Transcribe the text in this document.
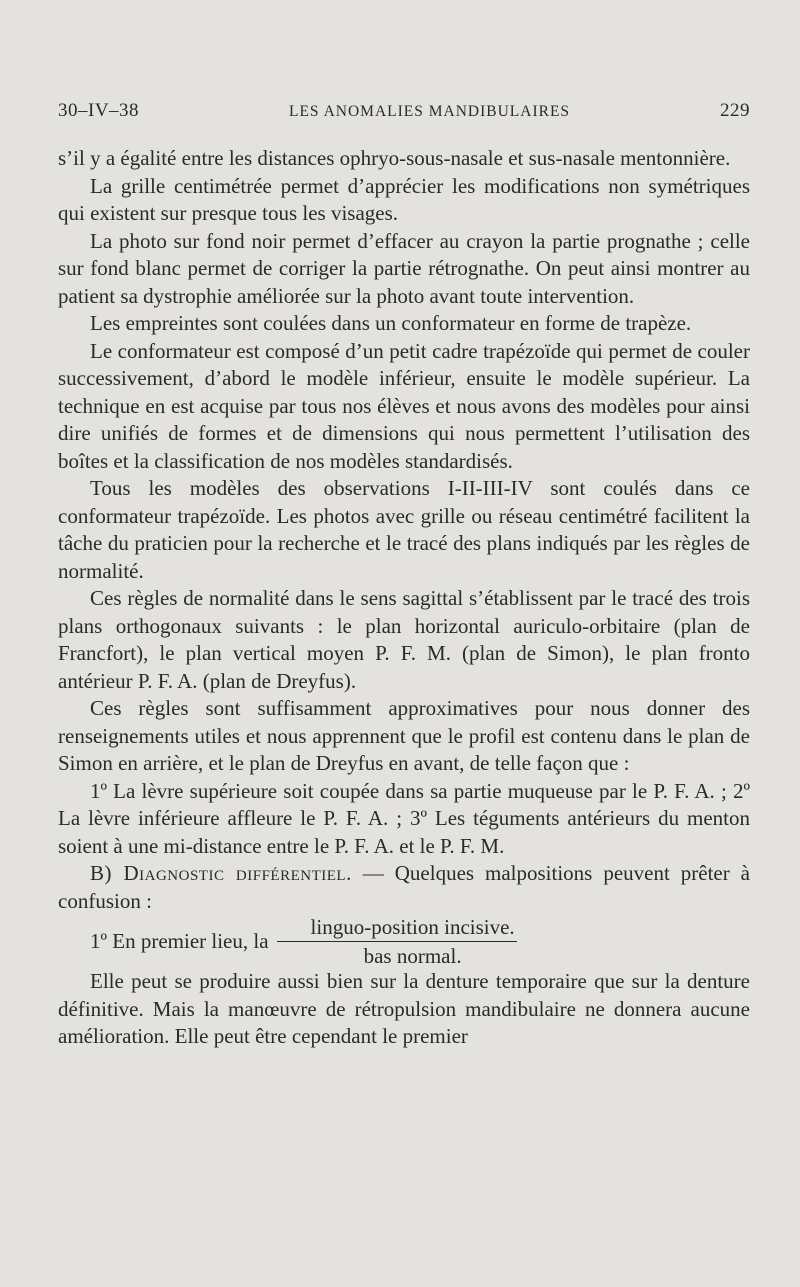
30–IV–38	LES ANOMALIES MANDIBULAIRES	229

s’il y a égalité entre les distances ophryo-sous-nasale et sus-nasale mentonnière.

La grille centimétrée permet d’apprécier les modifications non symétriques qui existent sur presque tous les visages.

La photo sur fond noir permet d’effacer au crayon la partie prognathe ; celle sur fond blanc permet de corriger la partie rétrognathe. On peut ainsi montrer au patient sa dystrophie améliorée sur la photo avant toute intervention.

Les empreintes sont coulées dans un conformateur en forme de trapèze.

Le conformateur est composé d’un petit cadre trapézoïde qui permet de couler successivement, d’abord le modèle inférieur, ensuite le modèle supérieur. La technique en est acquise par tous nos élèves et nous avons des modèles pour ainsi dire unifiés de formes et de dimensions qui nous permettent l’utilisation des boîtes et la classification de nos modèles standardisés.

Tous les modèles des observations I-II-III-IV sont coulés dans ce conformateur trapézoïde. Les photos avec grille ou réseau centimétré facilitent la tâche du praticien pour la recherche et le tracé des plans indiqués par les règles de normalité.

Ces règles de normalité dans le sens sagittal s’établissent par le tracé des trois plans orthogonaux suivants : le plan horizontal auriculo-orbitaire (plan de Francfort), le plan vertical moyen P. F. M. (plan de Simon), le plan fronto antérieur P. F. A. (plan de Dreyfus).

Ces règles sont suffisamment approximatives pour nous donner des renseignements utiles et nous apprennent que le profil est contenu dans le plan de Simon en arrière, et le plan de Dreyfus en avant, de telle façon que :

1º La lèvre supérieure soit coupée dans sa partie muqueuse par le P. F. A. ; 2º La lèvre inférieure affleure le P. F. A. ; 3º Les téguments antérieurs du menton soient à une mi-distance entre le P. F. A. et le P. F. M.

B) Diagnostic différentiel. — Quelques malpositions peuvent prêter à confusion :

1º En premier lieu, la $\frac{\text{linguo-position incisive.}}{\text{bas normal.}}$

Elle peut se produire aussi bien sur la denture temporaire que sur la denture définitive. Mais la manœuvre de rétropulsion mandibulaire ne donnera aucune amélioration. Elle peut être cependant le premier
